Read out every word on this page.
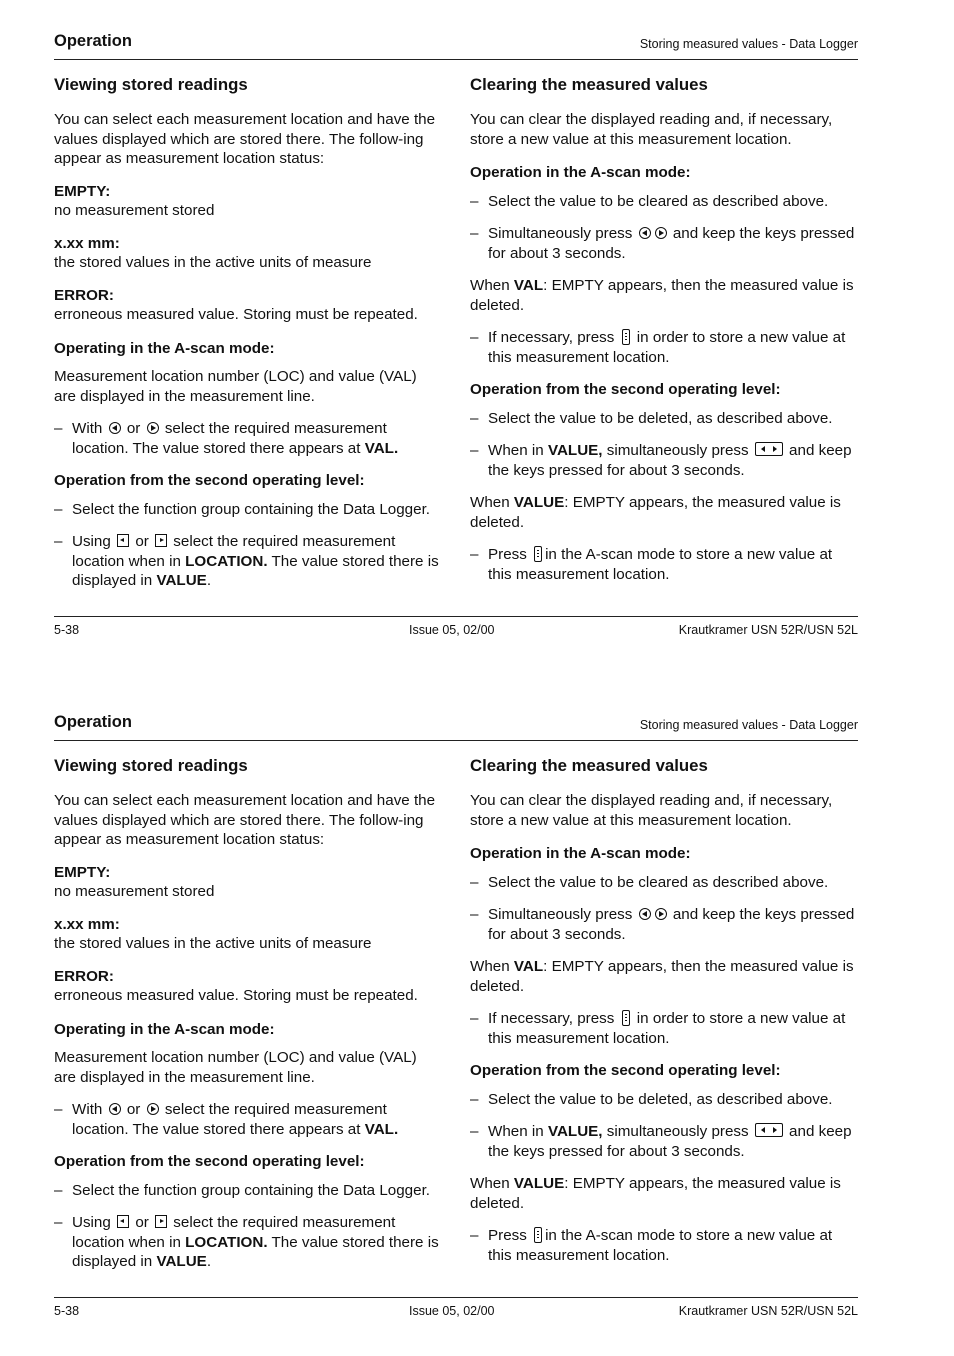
Operation	Storing measured values - Data Logger
Viewing stored readings

You can select each measurement location and have the values displayed which are stored there. The follow-ing appear as measurement location status:

EMPTY:
no measurement stored

x.xx mm:
the stored values in the active units of measure

ERROR:
erroneous measured value. Storing must be repeated.

Operating in the A-scan mode:

Measurement location number (LOC) and value (VAL) are displayed in the measurement line.

– With or select the required measurement location. The value stored there appears at VAL.
Operation from the second operating level:
– Select the function group containing the Data Logger.
– Using or select the required measurement location when in LOCATION. The value stored there is displayed in VALUE.
Clearing the measured values

You can clear the displayed reading and, if necessary, store a new value at this measurement location.

Operation in the A-scan mode:
– Select the value to be cleared as described above.
– Simultaneously press	and keep the keys pressed for about 3 seconds.

When VAL: EMPTY appears, then the measured value is deleted.

– If necessary, press in order to store a new value at this measurement location.
Operation from the second operating level:
– Select the value to be deleted, as described above.
– When in VALUE, simultaneously press	and keep the keys pressed for about 3 seconds.

When VALUE: EMPTY appears, the measured value is deleted.

– Press in the A-scan mode to store a new value at this measurement location.
5-38	Issue 05, 02/00	Krautkramer USN 52R/USN 52L
Operation	Storing measured values - Data Logger
Viewing stored readings

You can select each measurement location and have the values displayed which are stored there. The follow-ing appear as measurement location status:

EMPTY:
no measurement stored

x.xx mm:
the stored values in the active units of measure

ERROR:
erroneous measured value. Storing must be repeated.

Operating in the A-scan mode:

Measurement location number (LOC) and value (VAL) are displayed in the measurement line.

– With or select the required measurement location. The value stored there appears at VAL.
Operation from the second operating level:
– Select the function group containing the Data Logger.
– Using or select the required measurement location when in LOCATION. The value stored there is displayed in VALUE.
Clearing the measured values

You can clear the displayed reading and, if necessary, store a new value at this measurement location.

Operation in the A-scan mode:
– Select the value to be cleared as described above.
– Simultaneously press	and keep the keys pressed for about 3 seconds.

When VAL: EMPTY appears, then the measured value is deleted.

– If necessary, press in order to store a new value at this measurement location.
Operation from the second operating level:
– Select the value to be deleted, as described above.
– When in VALUE, simultaneously press	and keep the keys pressed for about 3 seconds.

When VALUE: EMPTY appears, the measured value is deleted.

– Press in the A-scan mode to store a new value at this measurement location.
5-38	Issue 05, 02/00	Krautkramer USN 52R/USN 52L
